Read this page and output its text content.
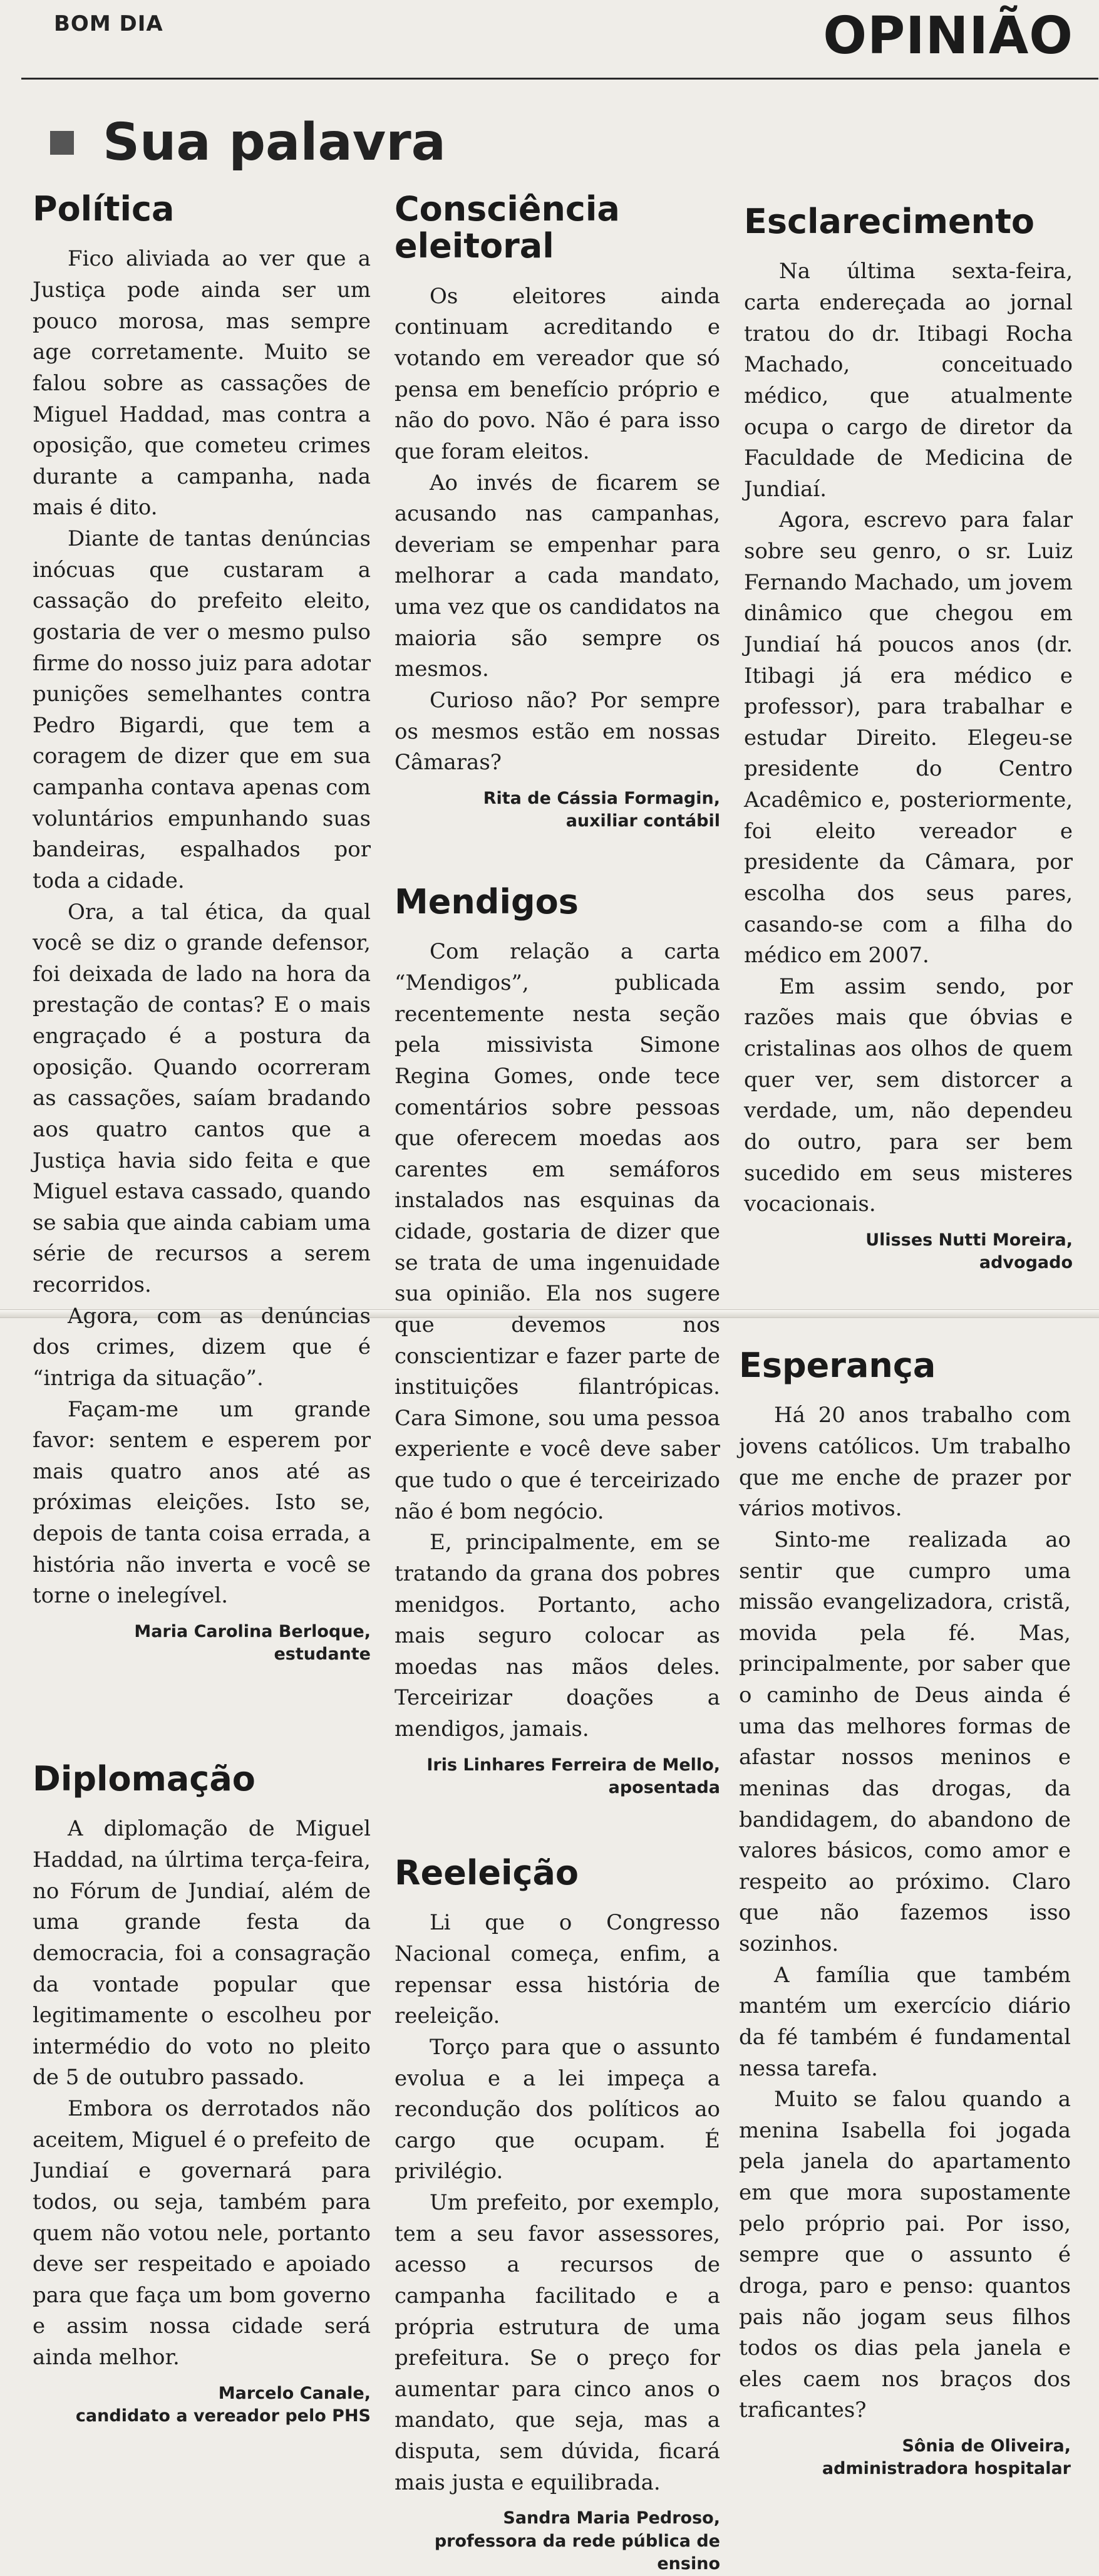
BOM DIA	OPINIÃO
Sua palavra
Política

Fico aliviada ao ver que a Justiça pode ainda ser um pouco morosa, mas sempre age corretamente. Muito se falou sobre as cassações de Miguel Haddad, mas contra a oposição, que cometeu crimes durante a campanha, nada mais é dito.

Diante de tantas denúncias inócuas que custaram a cassação do prefeito eleito, gostaria de ver o mesmo pulso firme do nosso juiz para adotar punições semelhantes contra Pedro Bigardi, que tem a coragem de dizer que em sua campanha contava apenas com voluntários empunhando suas bandeiras, espalhados por toda a cidade.

Ora, a tal ética, da qual você se diz o grande defensor, foi deixada de lado na hora da prestação de contas? E o mais engraçado é a postura da oposição. Quando ocorreram as cassações, saíam bradando aos quatro cantos que a Justiça havia sido feita e que Miguel estava cassado, quando se sabia que ainda cabiam uma série de recursos a serem recorridos.

Agora, com as denúncias dos crimes, dizem que é “intriga da situação”.

Façam-me um grande favor: sentem e esperem por mais quatro anos até as próximas eleições. Isto se, depois de tanta coisa errada, a história não inverta e você se torne o inelegível.

Maria Carolina Berloque,
estudante
Diplomação

A diplomação de Miguel Haddad, na úlrtima terça-feira, no Fórum de Jundiaí, além de uma grande festa da democracia, foi a consagração da vontade popular que legitimamente o escolheu por intermédio do voto no pleito de 5 de outubro passado.

Embora os derrotados não aceitem, Miguel é o prefeito de Jundiaí e governará para todos, ou seja, também para quem não votou nele, portanto deve ser respeitado e apoiado para que faça um bom governo e assim nossa cidade será ainda melhor.

Marcelo Canale,
candidato a vereador pelo PHS
Consciência eleitoral

Os eleitores ainda continuam acreditando e votando em vereador que só pensa em benefício próprio e não do povo. Não é para isso que foram eleitos.

Ao invés de ficarem se acusando nas campanhas, deveriam se empenhar para melhorar a cada mandato, uma vez que os candidatos na maioria são sempre os mesmos.

Curioso não? Por sempre os mesmos estão em nossas Câmaras?

Rita de Cássia Formagin,
auxiliar contábil
Mendigos

Com relação a carta “Mendigos”, publicada recentemente nesta seção pela missivista Simone Regina Gomes, onde tece comentários sobre pessoas que oferecem moedas aos carentes em semáforos instalados nas esquinas da cidade, gostaria de dizer que se trata de uma ingenuidade sua opinião. Ela nos sugere que devemos nos conscientizar e fazer parte de instituições filantrópicas. Cara Simone, sou uma pessoa experiente e você deve saber que tudo o que é terceirizado não é bom negócio.

E, principalmente, em se tratando da grana dos pobres menidgos. Portanto, acho mais seguro colocar as moedas nas mãos deles. Terceirizar doações a mendigos, jamais.

Iris Linhares Ferreira de Mello,
aposentada
Reeleição

Li que o Congresso Nacional começa, enfim, a repensar essa história de reeleição.

Torço para que o assunto evolua e a lei impeça a recondução dos políticos ao cargo que ocupam. É privilégio.

Um prefeito, por exemplo, tem a seu favor assessores, acesso a recursos de campanha facilitado e a própria estrutura de uma prefeitura. Se o preço for aumentar para cinco anos o mandato, que seja, mas a disputa, sem dúvida, ficará mais justa e equilibrada.

Sandra Maria Pedroso,
professora da rede pública de ensino
Esclarecimento

Na última sexta-feira, carta endereçada ao jornal tratou do dr. Itibagi Rocha Machado, conceituado médico, que atualmente ocupa o cargo de diretor da Faculdade de Medicina de Jundiaí.

Agora, escrevo para falar sobre seu genro, o sr. Luiz Fernando Machado, um jovem dinâmico que chegou em Jundiaí há poucos anos (dr. Itibagi já era médico e professor), para trabalhar e estudar Direito. Elegeu-se presidente do Centro Acadêmico e, posteriormente, foi eleito vereador e presidente da Câmara, por escolha dos seus pares, casando-se com a filha do médico em 2007.

Em assim sendo, por razões mais que óbvias e cristalinas aos olhos de quem quer ver, sem distorcer a verdade, um, não dependeu do outro, para ser bem sucedido em seus misteres vocacionais.

Ulisses Nutti Moreira,
advogado
Esperança

Há 20 anos trabalho com jovens católicos. Um trabalho que me enche de prazer por vários motivos.

Sinto-me realizada ao sentir que cumpro uma missão evangelizadora, cristã, movida pela fé. Mas, principalmente, por saber que o caminho de Deus ainda é uma das melhores formas de afastar nossos meninos e meninas das drogas, da bandidagem, do abandono de valores básicos, como amor e respeito ao próximo. Claro que não fazemos isso sozinhos.

A família que também mantém um exercício diário da fé também é fundamental nessa tarefa.

Muito se falou quando a menina Isabella foi jogada pela janela do apartamento em que mora supostamente pelo próprio pai. Por isso, sempre que o assunto é droga, paro e penso: quantos pais não jogam seus filhos todos os dias pela janela e eles caem nos braços dos traficantes?

Sônia de Oliveira,
administradora hospitalar
